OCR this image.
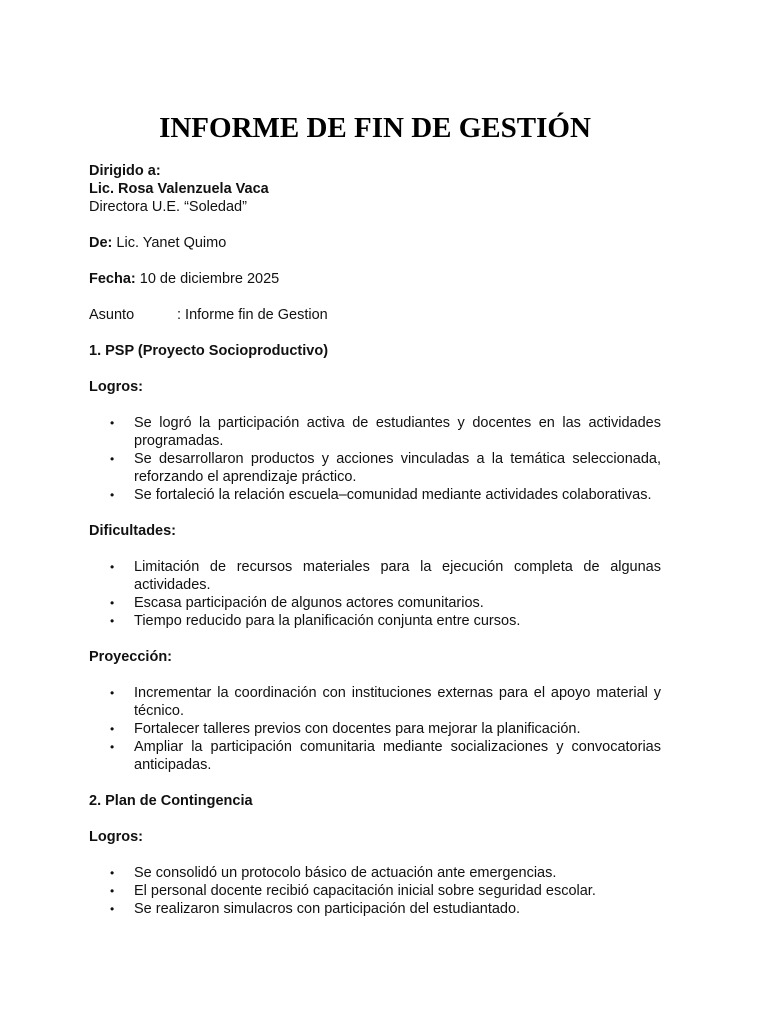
INFORME DE FIN DE GESTIÓN

Dirigido a:

Lic. Rosa Valenzuela Vaca

Directora U.E. “Soledad”

De: Lic. Yanet Quimo

Fecha: 10 de diciembre 2025

Asunto	: Informe fin de Gestion

1. PSP (Proyecto Socioproductivo)

Logros:

• Se logró la participación activa de estudiantes y docentes en las actividades programadas.
• Se desarrollaron productos y acciones vinculadas a la temática seleccionada, reforzando el aprendizaje práctico.
• Se fortaleció la relación escuela–comunidad mediante actividades colaborativas.

Dificultades:

• Limitación de recursos materiales para la ejecución completa de algunas actividades.
• Escasa participación de algunos actores comunitarios.
• Tiempo reducido para la planificación conjunta entre cursos.

Proyección:

• Incrementar la coordinación con instituciones externas para el apoyo material y técnico.
• Fortalecer talleres previos con docentes para mejorar la planificación.
• Ampliar la participación comunitaria mediante socializaciones y convocatorias anticipadas.

2. Plan de Contingencia

Logros:

• Se consolidó un protocolo básico de actuación ante emergencias.
• El personal docente recibió capacitación inicial sobre seguridad escolar.
• Se realizaron simulacros con participación del estudiantado.
